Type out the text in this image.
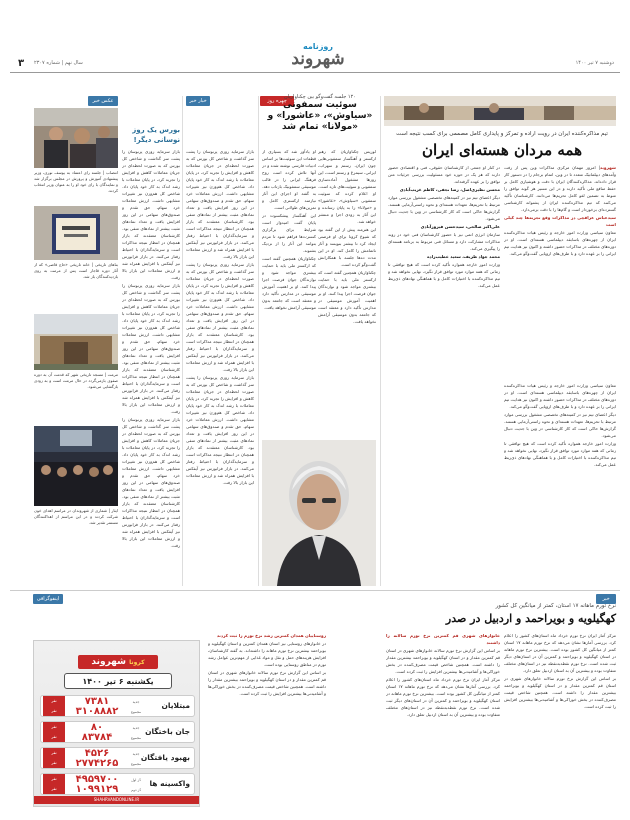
۳ سال نهم | شماره ۲۳۰۷
روزنامه
شهروند	دوشنبه ۷ تیر ۱۴۰۰
چهره روز
خبار خبر
عکس خبر
تیم مذاکره‌کننده ایران در رویت اراده و تمرکز و پایداری کامل مصممی برای کسب نتیجه است
همه مردان هسته‌ای ایران

شهروند| امروز مهمان مرکزی مذاکرات وین پس از رفت وآمدهای دیپلماتیک متعدد تا در وین، اتمام برجام را در دستور کار قرار داده‌اند. مذاکره‌کنندگان ایران با دقت و هوشیاری کامل بر حفظ منافع ملی تأکید دارند و در این مسیر هر گونه توافق را منوط به تضمین لغو کامل تحریم‌ها می‌دانند. کارشناسان تأکید می‌کنند که تیم مذاکره‌کننده ایران از پشتوانه کارشناسی گسترده‌ای برخوردار است و گام‌ها را با دقت برمی‌دارد.

سیدعباس عراقچی در مذاکرات وقع تجربه‌ها چند کیلی است

معاون سیاسی وزارت امور خارجه و رئیس هیات مذاکره‌کننده ایران از چهره‌های باسابقه دیپلماسی هسته‌ای است. او در دوره‌های مختلف در مذاکرات حضور داشته و اکنون نیز هدایت تیم ایرانی را بر عهده دارد و با طرف‌های اروپایی گفت‌وگو می‌کند.

در کنار او جمعی از کارشناسان حقوقی، فنی و اقتصادی حضور دارند که هر یک در حوزه خود مسئولیت بررسی جزئیات متن توافق را بر عهده گرفته‌اند.

محسن نظیری‌اصل، رضا نجفی، کاظم غریب‌آبادی

دیگر اعضای تیم نیز در کمیته‌های تخصصی مشغول بررسی موارد مرتبط با تحریم‌ها، تعهدات هسته‌ای و نحوه راستی‌آزمایی هستند. گزارش‌ها حاکی است که کار کارشناسی در وین با جدیت دنبال می‌شود.

علی‌اکبر صالحی، سیدحسن فیروزآبادی

سازمان انرژی اتمی نیز با حضور کارشناسان فنی خود در روند مذاکرات مشارکت دارد و مسائل فنی مربوط به برنامه هسته‌ای را پیگیری می‌کند.

محمد جواد ظریف، سعید خطیب‌زاده

وزارت امور خارجه همواره تأکید کرده است که هیچ توافقی تا زمانی که همه موارد مورد توافق قرار نگیرد، نهایی نخواهد شد و تیم مذاکره‌کننده با اختیارات کامل و با هماهنگی نهادهای ذی‌ربط عمل می‌کند.

معاون سیاسی وزارت امور خارجه و رئیس هیات مذاکره‌کننده ایران از چهره‌های باسابقه دیپلماسی هسته‌ای است. او در دوره‌های مختلف در مذاکرات حضور داشته و اکنون نیز هدایت تیم ایرانی را بر عهده دارد و با طرف‌های اروپایی گفت‌وگو می‌کند.

دیگر اعضای تیم نیز در کمیته‌های تخصصی مشغول بررسی موارد مرتبط با تحریم‌ها، تعهدات هسته‌ای و نحوه راستی‌آزمایی هستند. گزارش‌ها حاکی است که کار کارشناسی در وین با جدیت دنبال می‌شود.

وزارت امور خارجه همواره تأکید کرده است که هیچ توافقی تا زمانی که همه موارد مورد توافق قرار نگیرد، نهایی نخواهد شد و تیم مذاکره‌کننده با اختیارات کامل و با هماهنگی نهادهای ذی‌ربط عمل می‌کند.

۱۲۰ جلسه گفت‌وگو بین چکناواریان
سوئیت سمفونی «سیاوش»، «عاشورا» و «مولانا» تمام شد

لوریس چکناواریان که رهبر ارکستر و آهنگساز سمفونی‌هایی چون ایران، رستم و سهراب، ایرانی، سیمرغ و رستم است، این روزها مشغول آماده‌سازی سمفونی و سوئیت‌های تازه است. او اعلام کرده که سوئیت سمفونی «سیاوش»، «عاشورا» و «مولانا» را به پایان رسانده و این آثار به زودی اجرا و منتشر خواهد شد.

این هنرمند پیش از این گفته بود که شیوع کرونا برای او فرصتی ایجاد کرد تا بیشتر بنویسد و آثار ناتمامش را کامل کند. او در این مدت ده‌ها جلسه با همکارانش گفت‌وگو کرده است.

چکناواریان همچنین گفته است که ارکستر ملی باید با حمایت بیشتری مواجه شود و نوازندگان جوان فرصت اجرا پیدا کنند. او بر اهمیت آموزش موسیقی در مدارس تأکید دارد و معتقد است که جامعه بدون موسیقی آرامش نخواهد یافت.

او یادآور شد که بسیاری از قطعات این سوئیت‌ها بر اساس ادبیات فارسی نوشته شده و در آنها تلاش کرده است روح فرهنگ ایرانی را در قالب موسیقی سمفونیک بازتاب دهد. به گفته او اجرای این آثار نیازمند ارکستری کامل و تمرین‌های طولانی است.

این آهنگساز پیشکسوت در پایان گفت امیدوار است شرایط برای برگزاری کنسرت‌ها فراهم شود تا مردم بتوانند این آثار را از نزدیک بشنوند.

چکناواریان همچنین گفته است که ارکستر ملی باید با حمایت بیشتری مواجه شود و نوازندگان جوان فرصت اجرا پیدا کنند. او بر اهمیت آموزش موسیقی در مدارس تأکید دارد و معتقد است که جامعه بدون موسیقی آرامش نخواهد یافت.

بورس یک روز نوسانی دیگر!

بازار سرمایه روزی پرنوسان را پشت سر گذاشت و شاخص کل بورس که به صورت لحظه‌ای در جریان معاملات کاهش و افزایش را تجربه کرد، در پایان معاملات با رشد اندک به کار خود پایان داد. شاخص کل هم‌وزن نیز تغییرات مشابهی داشت. ارزش معاملات خرد سهام، حق تقدم و صندوق‌های سهامی در این روز افزایش یافت و تعداد نمادهای مثبت بیشتر از نمادهای منفی بود. کارشناسان معتقدند که بازار همچنان در انتظار نتیجه مذاکرات است و سرمایه‌گذاران با احتیاط رفتار می‌کنند. در بازار فرابورس نیز آیفکس با افزایش همراه شد و ارزش معاملات این بازار بالا رفت.

بازار سرمایه روزی پرنوسان را پشت سر گذاشت و شاخص کل بورس که به صورت لحظه‌ای در جریان معاملات کاهش و افزایش را تجربه کرد، در پایان معاملات با رشد اندک به کار خود پایان داد. شاخص کل هم‌وزن نیز تغییرات مشابهی داشت. ارزش معاملات خرد سهام، حق تقدم و صندوق‌های سهامی در این روز افزایش یافت و تعداد نمادهای مثبت بیشتر از نمادهای منفی بود. کارشناسان معتقدند که بازار همچنان در انتظار نتیجه مذاکرات است و سرمایه‌گذاران با احتیاط رفتار می‌کنند. در بازار فرابورس نیز آیفکس با افزایش همراه شد و ارزش معاملات این بازار بالا رفت.

بازار سرمایه روزی پرنوسان را پشت سر گذاشت و شاخص کل بورس که به صورت لحظه‌ای در جریان معاملات کاهش و افزایش را تجربه کرد، در پایان معاملات با رشد اندک به کار خود پایان داد. شاخص کل هم‌وزن نیز تغییرات مشابهی داشت. ارزش معاملات خرد سهام، حق تقدم و صندوق‌های سهامی در این روز افزایش یافت و تعداد نمادهای مثبت بیشتر از نمادهای منفی بود. کارشناسان معتقدند که بازار همچنان در انتظار نتیجه مذاکرات است و سرمایه‌گذاران با احتیاط رفتار می‌کنند. در بازار فرابورس نیز آیفکس با افزایش همراه شد و ارزش معاملات این بازار بالا رفت.

بازار سرمایه روزی پرنوسان را پشت سر گذاشت و شاخص کل بورس که به صورت لحظه‌ای در جریان معاملات کاهش و افزایش را تجربه کرد، در پایان معاملات با رشد اندک به کار خود پایان داد. شاخص کل هم‌وزن نیز تغییرات مشابهی داشت. ارزش معاملات خرد سهام، حق تقدم و صندوق‌های سهامی در این روز افزایش یافت و تعداد نمادهای مثبت بیشتر از نمادهای منفی بود. کارشناسان معتقدند که بازار همچنان در انتظار نتیجه مذاکرات است و سرمایه‌گذاران با احتیاط رفتار می‌کنند. در بازار فرابورس نیز آیفکس با افزایش همراه شد و ارزش معاملات این بازار بالا رفت.

بازار سرمایه روزی پرنوسان را پشت سر گذاشت و شاخص کل بورس که به صورت لحظه‌ای در جریان معاملات کاهش و افزایش را تجربه کرد، در پایان معاملات با رشد اندک به کار خود پایان داد. شاخص کل هم‌وزن نیز تغییرات مشابهی داشت. ارزش معاملات خرد سهام، حق تقدم و صندوق‌های سهامی در این روز افزایش یافت و تعداد نمادهای مثبت بیشتر از نمادهای منفی بود. کارشناسان معتقدند که بازار همچنان در انتظار نتیجه مذاکرات است و سرمایه‌گذاران با احتیاط رفتار می‌کنند. در بازار فرابورس نیز آیفکس با افزایش همراه شد و ارزش معاملات این بازار بالا رفت.

بازار سرمایه روزی پرنوسان را پشت سر گذاشت و شاخص کل بورس که به صورت لحظه‌ای در جریان معاملات کاهش و افزایش را تجربه کرد، در پایان معاملات با رشد اندک به کار خود پایان داد. شاخص کل هم‌وزن نیز تغییرات مشابهی داشت. ارزش معاملات خرد سهام، حق تقدم و صندوق‌های سهامی در این روز افزایش یافت و تعداد نمادهای مثبت بیشتر از نمادهای منفی بود. کارشناسان معتقدند که بازار همچنان در انتظار نتیجه مذاکرات است و سرمایه‌گذاران با احتیاط رفتار می‌کنند. در بازار فرابورس نیز آیفکس با افزایش همراه شد و ارزش معاملات این بازار بالا رفت.

انتصاب | جلسه رای اعتماد به یوسف نوری، وزیر پیشنهادی آموزش و پرورش در مجلس برگزار شد و نمایندگان با رای خود او را به عنوان وزیر انتخاب کردند.
بناهای تاریخی | خانه تاریخی «حاج قاضی» که از آثار دوره قاجار است پس از مرمت به روی بازدیدکنندگان باز شد.
مرمت | مسجد تاریخی شهر که قدمت آن به دوره صفوی بازمی‌گردد در حال مرمت است و به زودی بازگشایی می‌شود.
ایثار | شماری از شهروندان در مراسم اهدای خون شرکت کردند و در این مراسم از اهداکنندگان مستمر تقدیر شد.
اینفوگرافی	خبر
نرخ تورم ماهانه ۱۷ استان، کمتر از میانگین کل کشور
کهگیلویه و بویراحمد و اردبیل در صدر

مرکز آمار ایران نرخ تورم خرداد ماه استان‌های کشور را اعلام کرد. بررسی آمارها نشان می‌دهد که نرخ تورم ماهانه ۱۷ استان کمتر از میانگین کل کشور بوده است. بیشترین نرخ تورم ماهانه در استان کهگیلویه و بویراحمد و کمترین آن در استان‌های دیگر ثبت شده است. نرخ تورم نقطه‌به‌نقطه نیز در استان‌های مختلف متفاوت بوده و بیشترین آن به استان اردبیل تعلق دارد.

بر اساس این گزارش نرخ تورم سالانه خانوارهای شهری در استان قم کمترین مقدار و در استان کهگیلویه و بویراحمد بیشترین مقدار را داشته است. همچنین شاخص قیمت مصرف‌کننده در بخش خوراکی‌ها و آشامیدنی‌ها بیشترین افزایش را ثبت کرده است.

خانوارهای شهری قم کمترین نرخ تورم سالانه را داشتند

بر اساس این گزارش نرخ تورم سالانه خانوارهای شهری در استان قم کمترین مقدار و در استان کهگیلویه و بویراحمد بیشترین مقدار را داشته است. همچنین شاخص قیمت مصرف‌کننده در بخش خوراکی‌ها و آشامیدنی‌ها بیشترین افزایش را ثبت کرده است.

مرکز آمار ایران نرخ تورم خرداد ماه استان‌های کشور را اعلام کرد. بررسی آمارها نشان می‌دهد که نرخ تورم ماهانه ۱۷ استان کمتر از میانگین کل کشور بوده است. بیشترین نرخ تورم ماهانه در استان کهگیلویه و بویراحمد و کمترین آن در استان‌های دیگر ثبت شده است. نرخ تورم نقطه‌به‌نقطه نیز در استان‌های مختلف متفاوت بوده و بیشترین آن به استان اردبیل تعلق دارد.

روستاییان همدان کمترین رشد نرخ تورم را ثبت کردند

در خانوارهای روستایی نیز استان همدان کمترین و استان کهگیلویه و بویراحمد بیشترین نرخ تورم ماهانه را داشته‌اند. به گفته کارشناسان، افزایش هزینه‌های حمل و نقل و مواد غذایی از مهم‌ترین عوامل رشد تورم در مناطق روستایی بوده است.

بر اساس این گزارش نرخ تورم سالانه خانوارهای شهری در استان قم کمترین مقدار و در استان کهگیلویه و بویراحمد بیشترین مقدار را داشته است. همچنین شاخص قیمت مصرف‌کننده در بخش خوراکی‌ها و آشامیدنی‌ها بیشترین افزایش را ثبت کرده است.

کرونا شهروند
یکشنبه ۶ تیر ۱۴۰۰
مبتلایان
جدید
مجموع
۷۳۸۱
۳۱۰۸۸۸۲
نفر
نفر
جان باختگان
جدید
مجموع
۸۰
۸۳۷۸۴
نفر
نفر
بهبود یافتگان
جدید
مجموع
۴۵۲۶
۲۷۷۴۲۶۵
نفر
نفر
واکسینه ها
دُز اول
دُز دوم
۴۹۵۹۷۰۰
۱۰۹۹۱۲۹
نفر
نفر
SHAHRVANDONLINE.IR
